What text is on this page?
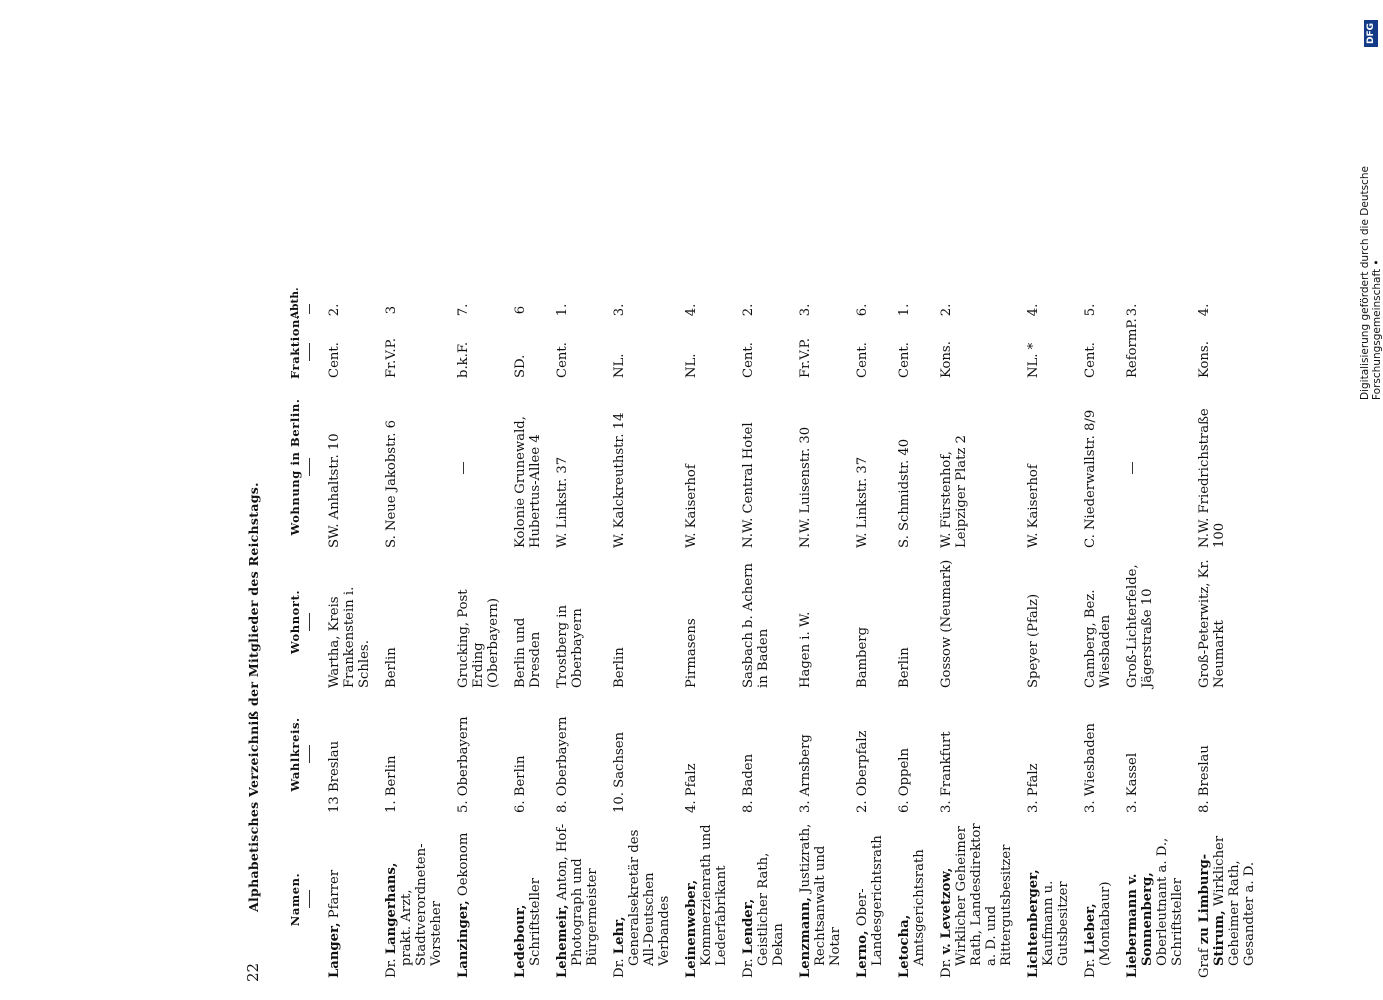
22
Alphabetisches Verzeichniß der Mitglieder des Reichstags. Namen.	Wahlkreis.	Wohnort.	Wohnung in Berlin.	Fraktion.	Abth.

Langer, Pfarrer	13 Breslau	Wartha, Kreis Frankenstein i. Schles.	SW. Anhaltstr. 10	Cent.	2.
Dr. Langerhans, prakt. Arzt, Stadtverordneten-Vorsteher	1. Berlin	Berlin	S. Neue Jakobstr. 6	Fr.V.P.	3
Lanzinger, Oekonom	5. Oberbayern	Grucking, Post Erding (Oberbayern)	—	b.k.F.	7.
Ledebour, Schriftsteller	6. Berlin	Berlin und Dresden	Kolonie Grunewald, Hubertus-Allee 4	SD.	6
Lehemeir, Anton, Hof-Photograph und Bürgermeister	8. Oberbayern	Trostberg in Oberbayern	W. Linkstr. 37	Cent.	1.
Dr. Lehr, Generalsekretär des All-Deutschen Verbandes	10. Sachsen	Berlin	W. Kalckreuthstr. 14	NL.	3.
Leinenweber, Kommerzienrath und Lederfabrikant	4. Pfalz	Pirmasens	W. Kaiserhof	NL.	4.
Dr. Lender, Geistlicher Rath, Dekan	8. Baden	Sasbach b. Achern in Baden	N.W. Central Hotel	Cent.	2.
Lenzmann, Justizrath, Rechtsanwalt und Notar	3. Arnsberg	Hagen i. W.	N.W. Luisenstr. 30	Fr.V.P.	3.
Lerno, Ober-Landesgerichtsrath	2. Oberpfalz	Bamberg	W. Linkstr. 37	Cent.	6.
Letocha, Amtsgerichtsrath	6. Oppeln	Berlin	S. Schmidstr. 40	Cent.	1.
Dr. v. Levetzow, Wirklicher Geheimer Rath, Landesdirektor a. D. und Rittergutsbesitzer	3. Frankfurt	Gossow (Neumark)	W. Fürstenhof, Leipziger Platz 2	Kons.	2.
Lichtenberger, Kaufmann u. Gutsbesitzer	3. Pfalz	Speyer (Pfalz)	W. Kaiserhof	NL. *	4.
Dr. Lieber, (Montabaur)	3. Wiesbaden	Camberg, Bez. Wiesbaden	C. Niederwallstr. 8/9	Cent.	5.
Liebermann v. Sonnenberg, Oberleutnant a. D., Schriftsteller	3. Kassel	Groß-Lichterfelde, Jägerstraße 10	—	ReformP.	3.
Graf zu Limburg-Stirum, Wirklicher Geheimer Rath, Gesandter a. D.	8. Breslau	Groß-Peterwitz, Kr. Neumarkt	N.W. Friedrichstraße 100	Kons.	4.	Digitalisierung gefördert durch die Deutsche Forschungsgemeinschaft •
DFG
